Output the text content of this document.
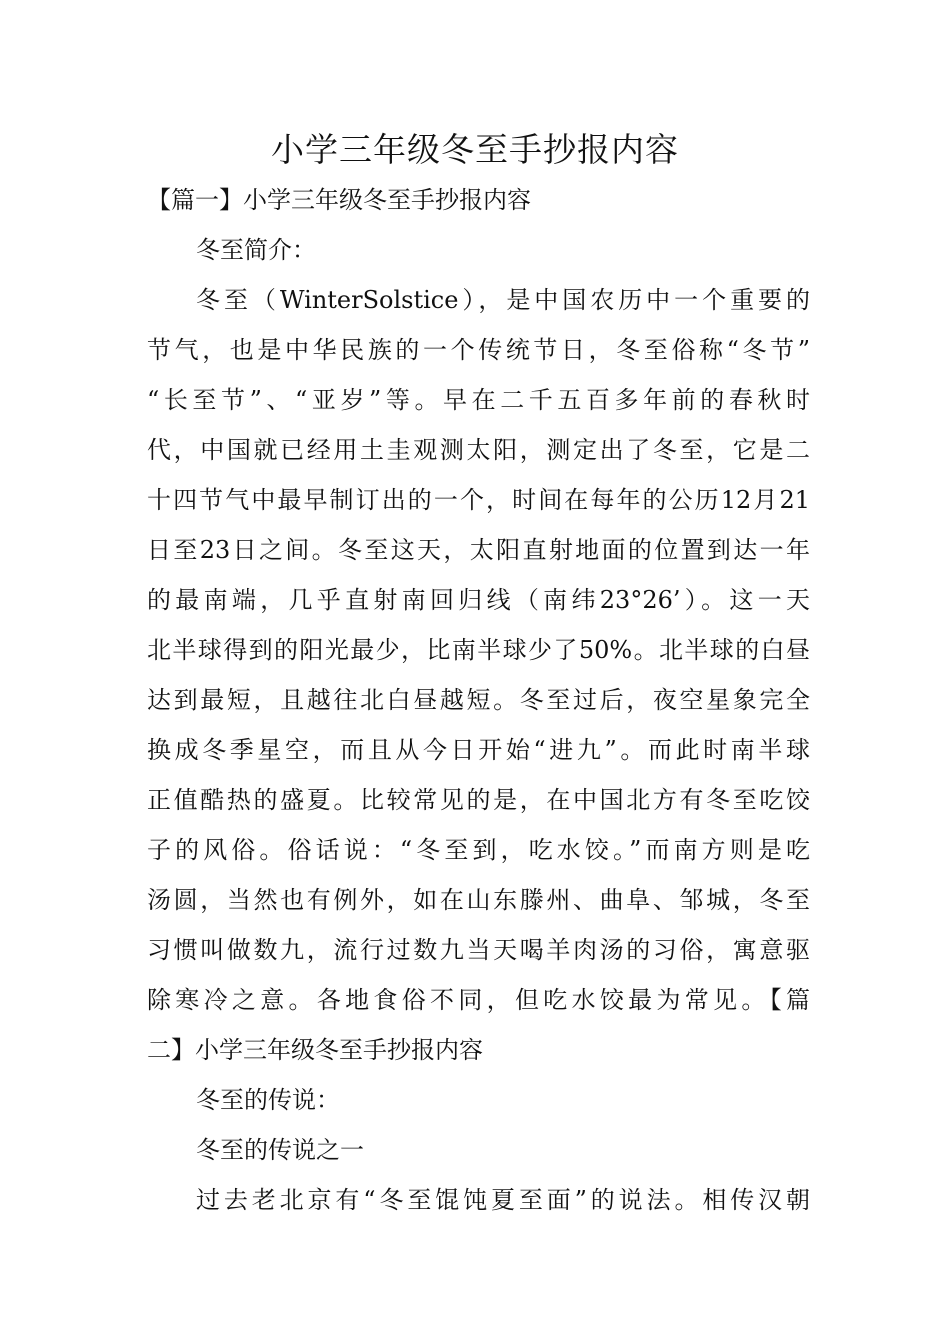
小学三年级冬至手抄报内容

【篇一】小学三年级冬至手抄报内容

冬至简介：

冬至（WinterSolstice），是中国农历中一个重要的

节气，也是中华民族的一个传统节日，冬至俗称“冬节”

“长至节”、“亚岁”等。早在二千五百多年前的春秋时

代，中国就已经用土圭观测太阳，测定出了冬至，它是二

十四节气中最早制订出的一个，时间在每年的公历12月21

日至23日之间。冬至这天，太阳直射地面的位置到达一年

的最南端，几乎直射南回归线（南纬23°26’）。这一天

北半球得到的阳光最少，比南半球少了50%。北半球的白昼

达到最短，且越往北白昼越短。冬至过后，夜空星象完全

换成冬季星空，而且从今日开始“进九”。而此时南半球

正值酷热的盛夏。比较常见的是，在中国北方有冬至吃饺

子的风俗。俗话说：“冬至到，吃水饺。”而南方则是吃

汤圆，当然也有例外，如在山东滕州、曲阜、邹城，冬至

习惯叫做数九，流行过数九当天喝羊肉汤的习俗，寓意驱

除寒冷之意。各地食俗不同，但吃水饺最为常见。【篇

二】小学三年级冬至手抄报内容

冬至的传说：

冬至的传说之一

过去老北京有“冬至馄饨夏至面”的说法。相传汉朝
